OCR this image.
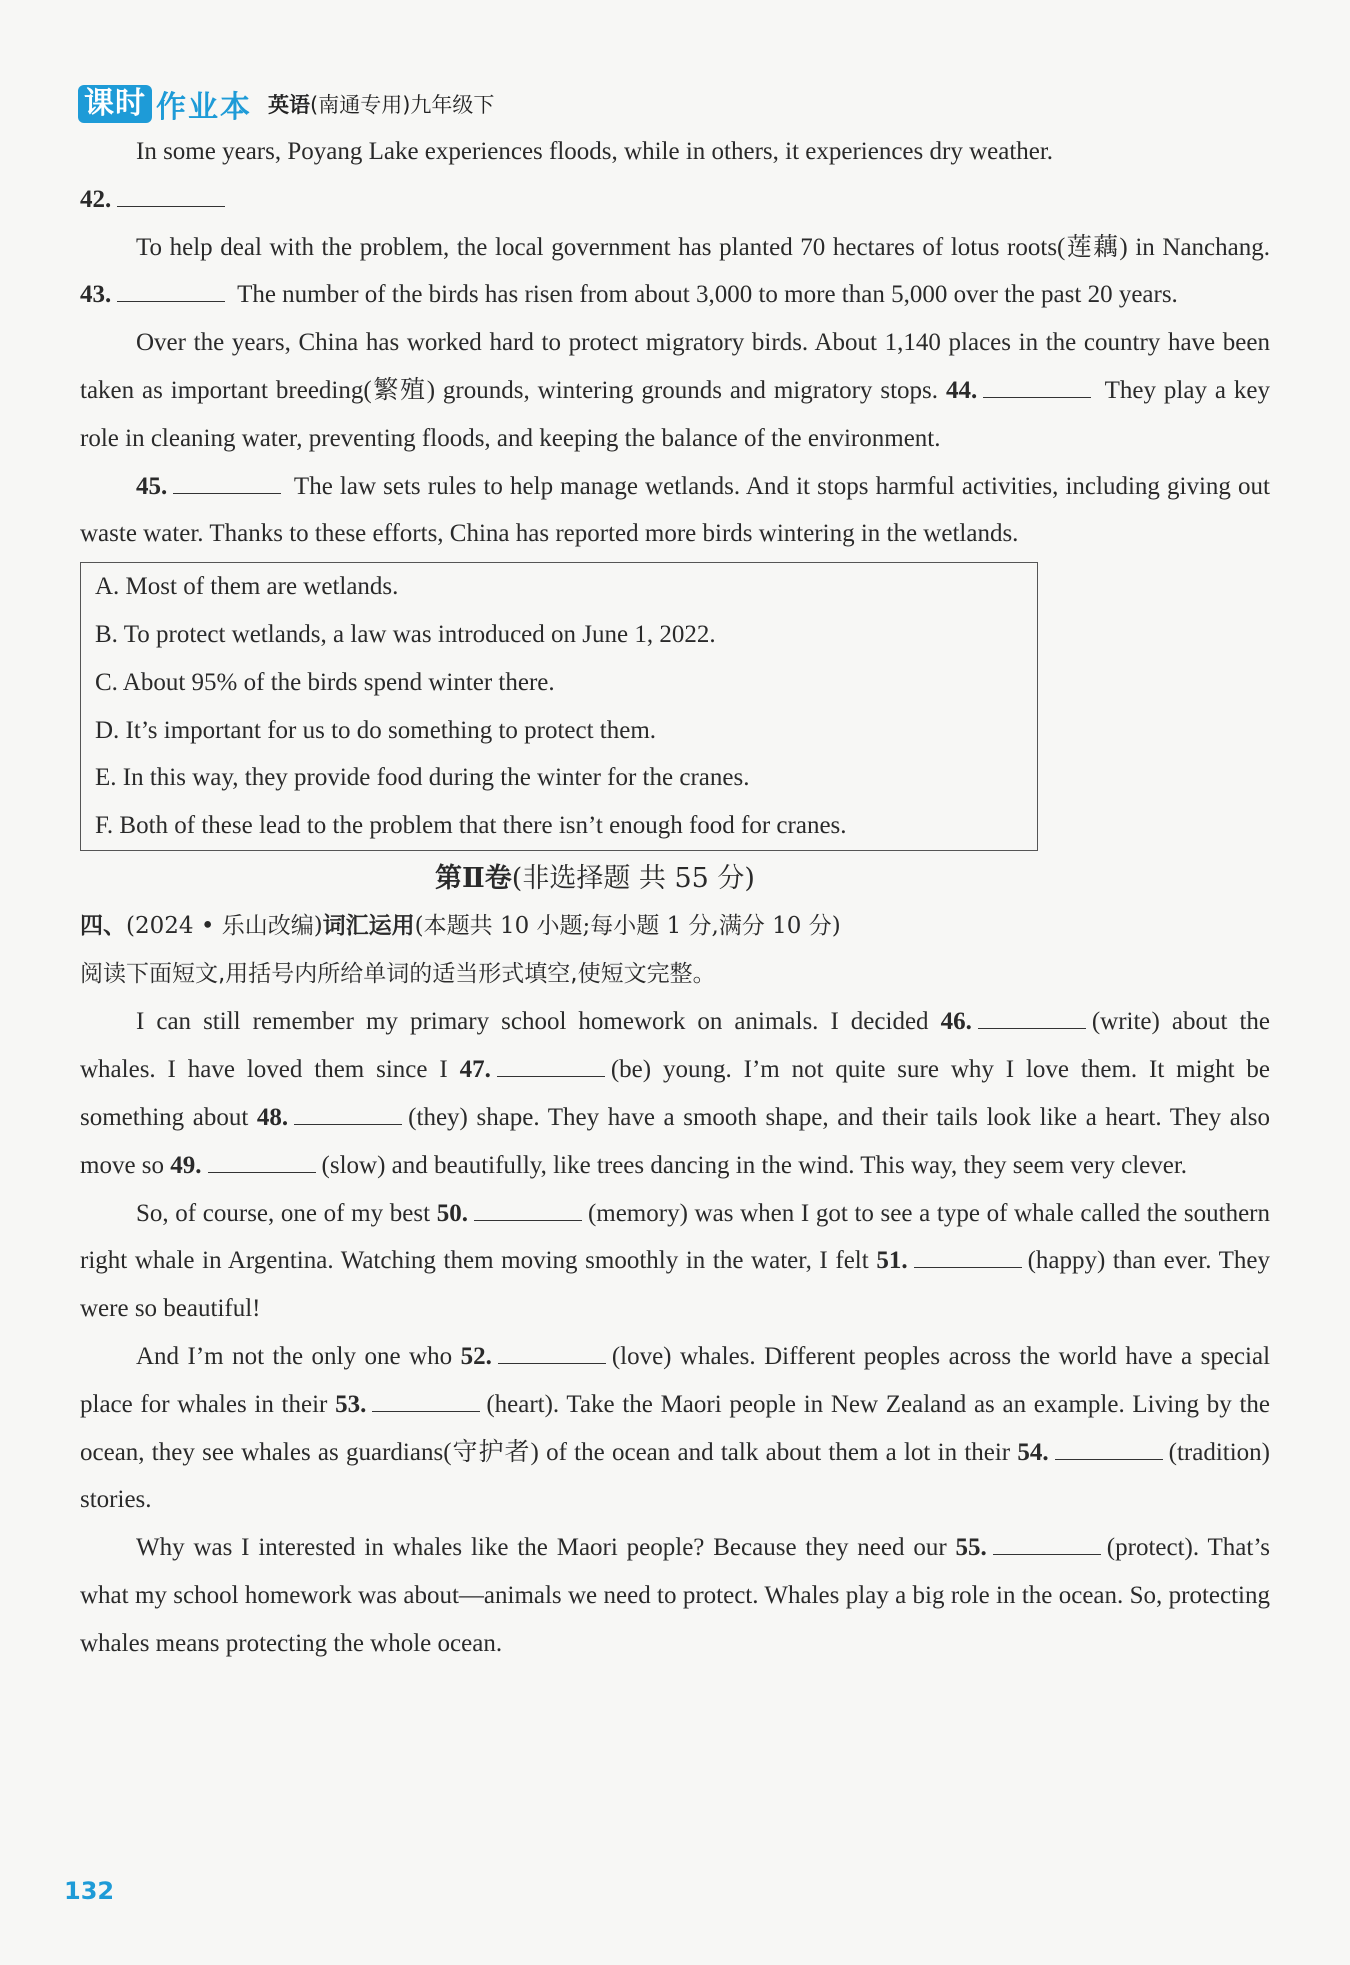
课时 作业本 英语(南通专用)九年级下

In some years, Poyang Lake experiences floods, while in others, it experiences dry weather.

42.

To help deal with the problem, the local government has planted 70 hectares of lotus roots(莲藕) in Nanchang. 43.	The number of the birds has risen from about 3,000 to more than 5,000 over the past 20 years.

Over the years, China has worked hard to protect migratory birds. About 1,140 places in the country have been taken as important breeding(繁殖) grounds, wintering grounds and migratory stops. 44.	They play a key role in cleaning water, preventing floods, and keeping the balance of the environment.

45.	The law sets rules to help manage wetlands. And it stops harmful activities, including giving out waste water. Thanks to these efforts, China has reported more birds wintering in the wetlands.

A. Most of them are wetlands.

B. To protect wetlands, a law was introduced on June 1, 2022.

C. About 95% of the birds spend winter there.

D. It’s important for us to do something to protect them.

E. In this way, they provide food during the winter for the cranes.

F. Both of these lead to the problem that there isn’t enough food for cranes.

第Ⅱ卷(非选择题 共 55 分)

四、(2024 • 乐山改编)词汇运用(本题共 10 小题;每小题 1 分,满分 10 分)

阅读下面短文,用括号内所给单词的适当形式填空,使短文完整。

I can still remember my primary school homework on animals. I decided 46.	(write) about the whales. I have loved them since I 47.	(be) young. I’m not quite sure why I love them. It might be something about 48.	(they) shape. They have a smooth shape, and their tails look like a heart. They also move so 49.	(slow) and beautifully, like trees dancing in the wind. This way, they seem very clever.

So, of course, one of my best 50.	(memory) was when I got to see a type of whale called the southern right whale in Argentina. Watching them moving smoothly in the water, I felt 51.	(happy) than ever. They were so beautiful!

And I’m not the only one who 52.	(love) whales. Different peoples across the world have a special place for whales in their 53.	(heart). Take the Maori people in New Zealand as an example. Living by the ocean, they see whales as guardians(守护者) of the ocean and talk about them a lot in their 54.	(tradition) stories.

Why was I interested in whales like the Maori people? Because they need our 55.	(protect). That’s what my school homework was about—animals we need to protect. Whales play a big role in the ocean. So, protecting whales means protecting the whole ocean.

132
